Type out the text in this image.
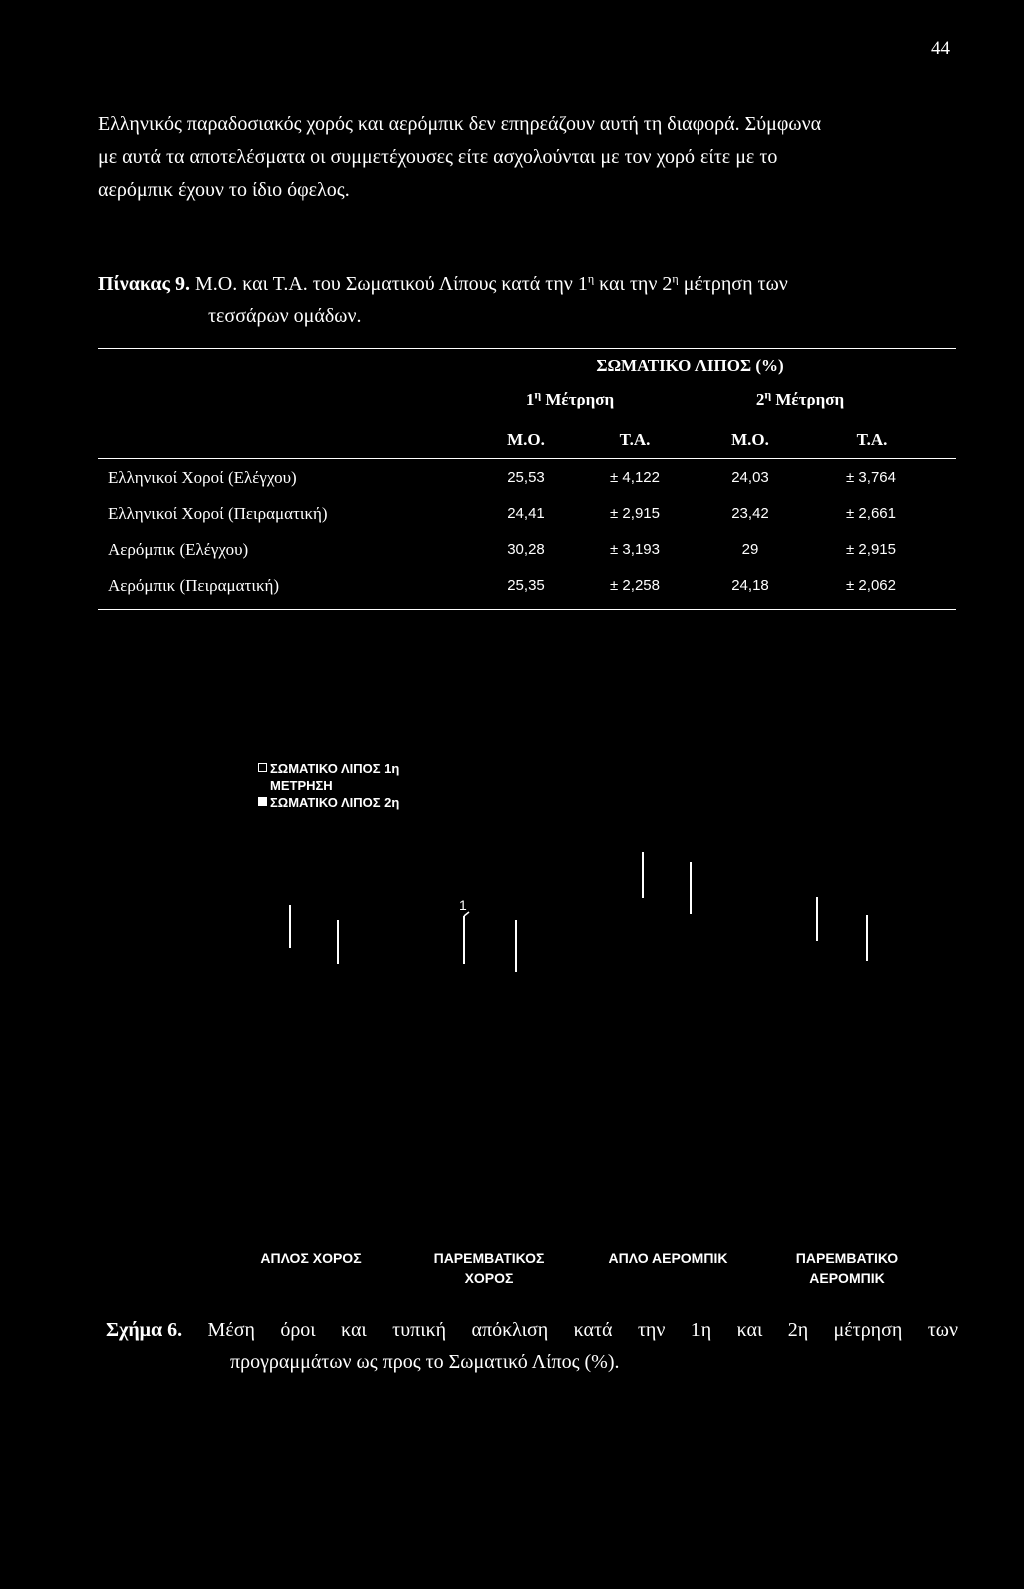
44
Ελληνικός παραδοσιακός χορός και αερόμπικ δεν επηρεάζουν αυτή τη διαφορά. Σύμφωνα
με αυτά τα αποτελέσματα οι συμμετέχουσες είτε ασχολούνται με τον χορό είτε με το
αερόμπικ έχουν το ίδιο όφελος.
Πίνακας 9. Μ.Ο. και Τ.Α. του Σωματικού Λίπους κατά την $1^\eta$ και την $2^\eta$ μέτρηση των
τεσσάρων ομάδων.
ΣΩΜΑΤΙΚΟ ΛΙΠΟΣ (%)
$1^\eta$ Μέτρηση	$2^\eta$ Μέτρηση
Μ.Ο.	Τ.Α.	Μ.Ο.	Τ.Α.
Ελληνικοί Χοροί (Ελέγχου)	25,53	± 4,122	24,03	± 3,764
Ελληνικοί Χοροί (Πειραματική)	24,41	± 2,915	23,42	± 2,661
Αερόμπικ (Ελέγχου)	30,28	± 3,193	29	± 2,915
Αερόμπικ (Πειραματική)	25,35	± 2,258	24,18	± 2,062
ΣΩΜΑΤΙΚΟ ΛΙΠΟΣ 1η
ΜΕΤΡΗΣΗ
ΣΩΜΑΤΙΚΟ ΛΙΠΟΣ 2η
1
ΑΠΛΟΣ ΧΟΡΟΣ	ΠΑΡΕΜΒΑΤΙΚΟΣ
ΧΟΡΟΣ
ΑΠΛΟ ΑΕΡΟΜΠΙΚ	ΠΑΡΕΜΒΑΤΙΚΟ
ΑΕΡΟΜΠΙΚ
Σχήμα 6. Μέση όροι και τυπική απόκλιση κατά την 1η και 2η μέτρηση των
προγραμμάτων ως προς το Σωματικό Λίπος (%).
